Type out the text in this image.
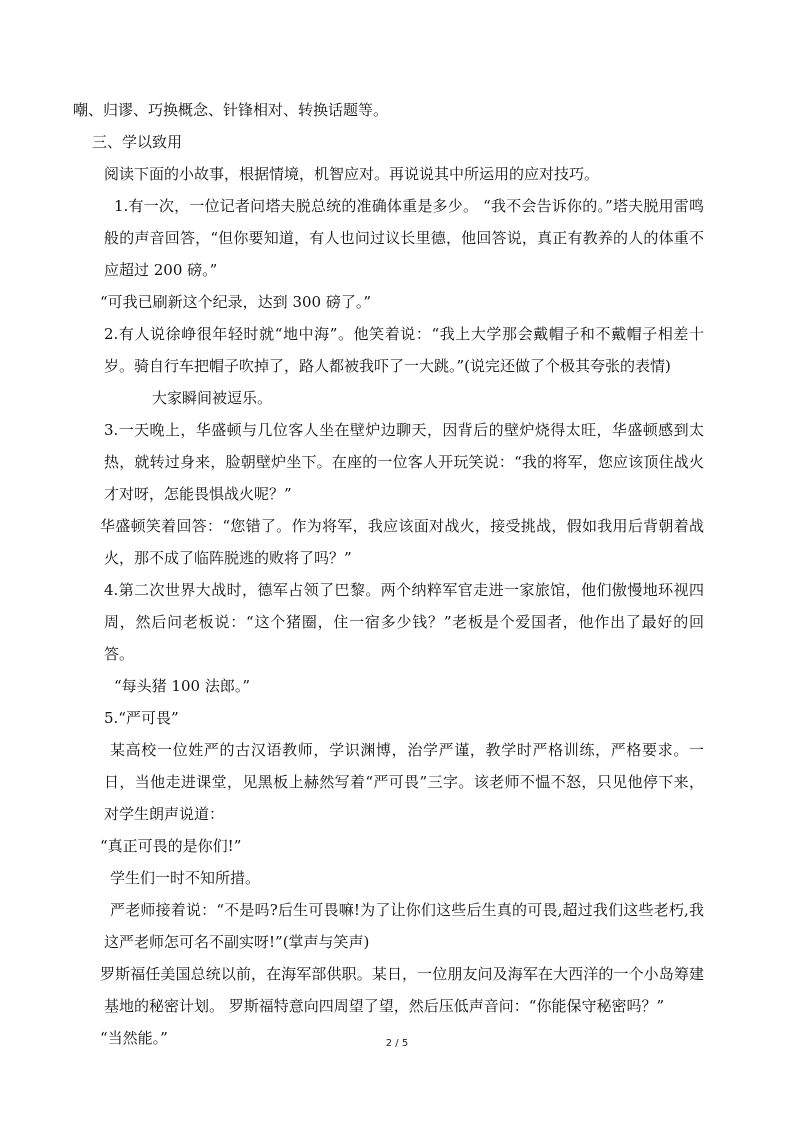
嘲、归谬、巧换概念、针锋相对、转换话题等。

三、学以致用

阅读下面的小故事，根据情境，机智应对。再说说其中所运用的应对技巧。

1.有一次，一位记者问塔夫脱总统的准确体重是多少。 “我不会告诉你的。”塔夫脱用雷鸣般的声音回答，“但你要知道，有人也问过议长里德，他回答说，真正有教养的人的体重不应超过 200 磅。”

“可我已刷新这个纪录，达到 300 磅了。”

2.有人说徐峥很年轻时就“地中海”。他笑着说：“我上大学那会戴帽子和不戴帽子相差十岁。骑自行车把帽子吹掉了，路人都被我吓了一大跳。”(说完还做了个极其夸张的表情)

大家瞬间被逗乐。

3.一天晚上，华盛顿与几位客人坐在壁炉边聊天，因背后的壁炉烧得太旺，华盛顿感到太热，就转过身来，脸朝壁炉坐下。在座的一位客人开玩笑说：“我的将军，您应该顶住战火才对呀，怎能畏惧战火呢？”

华盛顿笑着回答：“您错了。作为将军，我应该面对战火，接受挑战，假如我用后背朝着战火，那不成了临阵脱逃的败将了吗？”

4.第二次世界大战时，德军占领了巴黎。两个纳粹军官走进一家旅馆，他们傲慢地环视四周，然后问老板说：“这个猪圈，住一宿多少钱？”老板是个爱国者，他作出了最好的回答。

“每头猪 100 法郎。”

5.“严可畏”

某高校一位姓严的古汉语教师，学识渊博，治学严谨，教学时严格训练，严格要求。一日，当他走进课堂，见黑板上赫然写着“严可畏”三字。该老师不愠不怒，只见他停下来，对学生朗声说道：

“真正可畏的是你们!”

学生们一时不知所措。

严老师接着说：“不是吗?后生可畏嘛!为了让你们这些后生真的可畏,超过我们这些老朽,我这严老师怎可名不副实呀!”(掌声与笑声)

罗斯福任美国总统以前，在海军部供职。某日，一位朋友问及海军在大西洋的一个小岛筹建基地的秘密计划。 罗斯福特意向四周望了望，然后压低声音问：“你能保守秘密吗？”

“当然能。”	2 / 5
